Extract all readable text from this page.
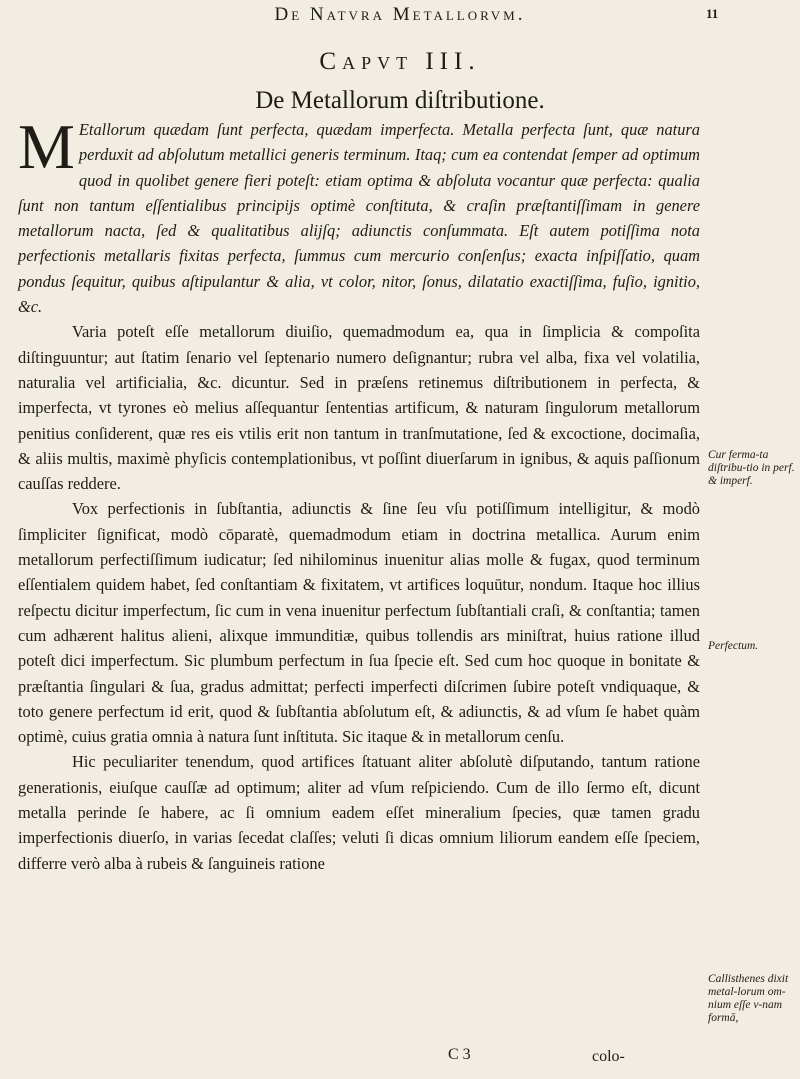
De Natvra Metallorvm.	11
Capvt III.
De Metallorum diſtributione.

M Etallorum quædam ſunt perfecta, quædam imperfecta. Metalla perfecta ſunt, quæ natura perduxit ad abſolutum metallici generis terminum. Itaq; cum ea contendat ſemper ad optimum quod in quolibet genere fieri poteſt: etiam optima & abſoluta vocantur quæ perfecta: qualia ſunt non tantum eſſentialibus principijs optimè conſtituta, & craſin præſtantiſſimam in genere metallorum nacta, ſed & qualitatibus alijſq; adiunctis conſummata. Eſt autem potiſſima nota perfectionis metallaris fixitas perfecta, ſummus cum mercurio conſenſus; exacta inſpiſſatio, quam pondus ſequitur, quibus aſtipulantur & alia, vt color, nitor, ſonus, dilatatio exactiſſima, fuſio, ignitio, &c.

Varia poteſt eſſe metallorum diuiſio, quemadmodum ea, qua in ſimplicia & compoſita diſtinguuntur; aut ſtatim ſenario vel ſeptenario numero deſignantur; rubra vel alba, fixa vel volatilia, naturalia vel artificialia, &c. dicuntur. Sed in præſens retinemus diſtributionem in perfecta, & imperfecta, vt tyrones eò melius aſſequantur ſententias artificum, & naturam ſingulorum metallorum penitius conſiderent, quæ res eis vtilis erit non tantum in tranſmutatione, ſed & excoctione, docimaſia, & aliis multis, maximè phyſicis contemplationibus, vt poſſint diuerſarum in ignibus, & aquis paſſionum cauſſas reddere.

Vox perfectionis in ſubſtantia, adiunctis & ſine ſeu vſu potiſſimum intelligitur, & modò ſimpliciter ſignificat, modò cōparatè, quemadmodum etiam in doctrina metallica. Aurum enim metallorum perfectiſſimum iudicatur; ſed nihilominus inuenitur alias molle & fugax, quod terminum eſſentialem quidem habet, ſed conſtantiam & fixitatem, vt artifices loquūtur, nondum. Itaque hoc illius reſpectu dicitur imperfectum, ſic cum in vena inuenitur perfectum ſubſtantiali craſi, & conſtantia; tamen cum adhærent halitus alieni, alixque immunditiæ, quibus tollendis ars miniſtrat, huius ratione illud poteſt dici imperfectum. Sic plumbum perfectum in ſua ſpecie eſt. Sed cum hoc quoque in bonitate & præſtantia ſingulari & ſua, gradus admittat; perfecti imperfecti diſcrimen ſubire poteſt vndiquaque, & toto genere perfectum id erit, quod & ſubſtantia abſolutum eſt, & adiunctis, & ad vſum ſe habet quàm optimè, cuius gratia omnia à natura ſunt inſtituta. Sic itaque & in metallorum cenſu.

Hic peculiariter tenendum, quod artifices ſtatuant aliter abſolutè diſputando, tantum ratione generationis, eiuſque cauſſæ ad optimum; aliter ad vſum reſpiciendo. Cum de illo ſermo eſt, dicunt metalla perinde ſe habere, ac ſi omnium eadem eſſet mineralium ſpecies, quæ tamen gradu imperfectionis diuerſo, in varias ſecedat claſſes; veluti ſi dicas omnium liliorum eandem eſſe ſpeciem, differre verò alba à rubeis & ſanguineis ratione

Cur ferma-ta diſtribu-tio in perf. & imperf.
Perfectum.
Callisthenes dixit metal-lorum om-nium eſſe v-nam formā,
C 3	colo-
